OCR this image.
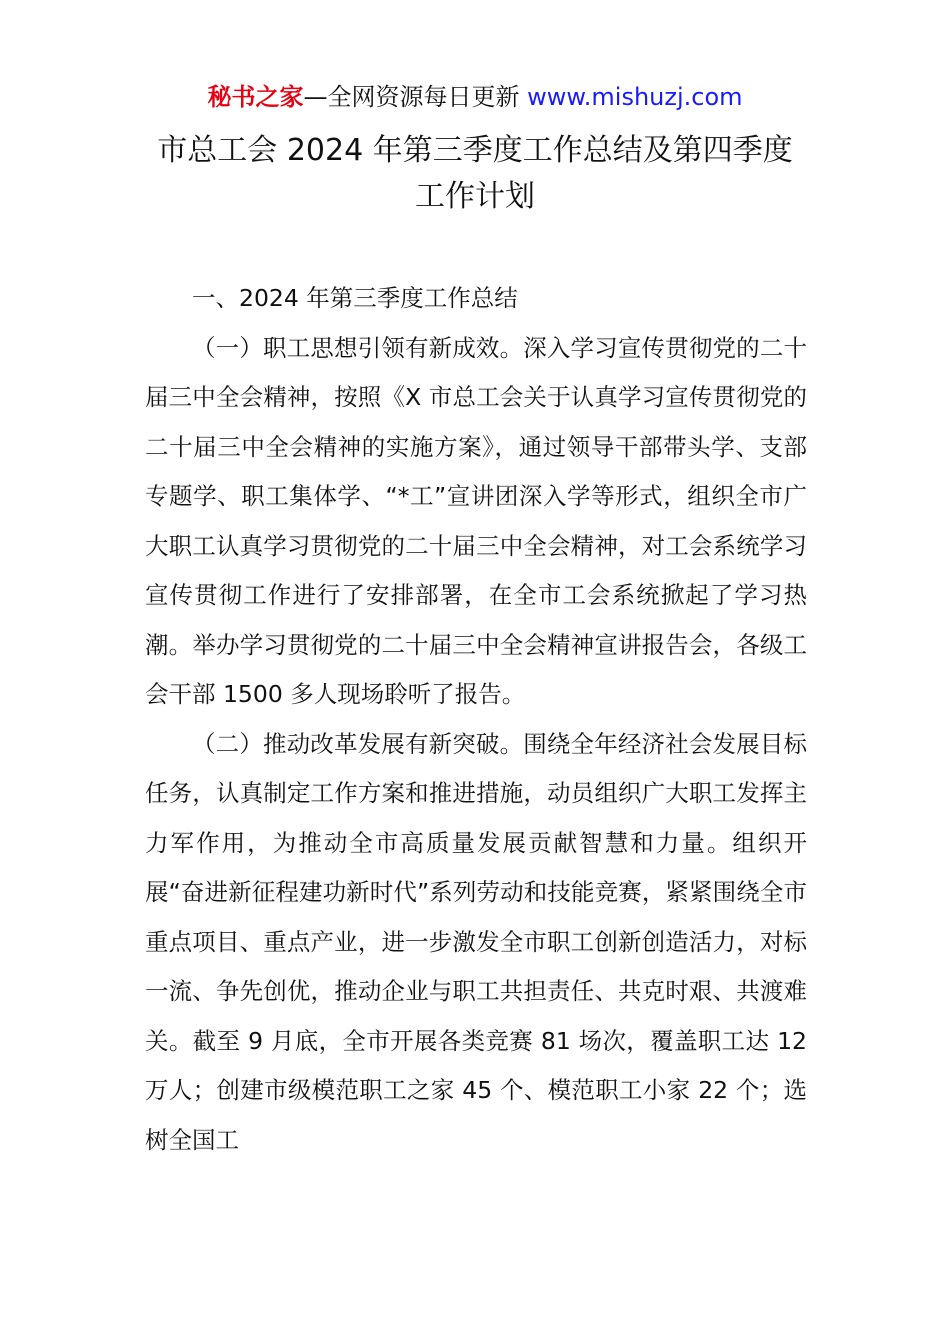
秘书之家—全网资源每日更新 www.mishuzj.com
市总工会 2024 年第三季度工作总结及第四季度
工作计划

一、2024 年第三季度工作总结

（一）职工思想引领有新成效。深入学习宣传贯彻党的二十届三中全会精神，按照《X 市总工会关于认真学习宣传贯彻党的二十届三中全会精神的实施方案》，通过领导干部带头学、支部专题学、职工集体学、“*工”宣讲团深入学等形式，组织全市广大职工认真学习贯彻党的二十届三中全会精神，对工会系统学习宣传贯彻工作进行了安排部署，在全市工会系统掀起了学习热潮。举办学习贯彻党的二十届三中全会精神宣讲报告会，各级工会干部 1500 多人现场聆听了报告。

（二）推动改革发展有新突破。围绕全年经济社会发展目标任务，认真制定工作方案和推进措施，动员组织广大职工发挥主力军作用，为推动全市高质量发展贡献智慧和力量。组织开展“奋进新征程建功新时代”系列劳动和技能竞赛，紧紧围绕全市重点项目、重点产业，进一步激发全市职工创新创造活力，对标一流、争先创优，推动企业与职工共担责任、共克时艰、共渡难关。截至 9 月底，全市开展各类竞赛 81 场次，覆盖职工达 12 万人；创建市级模范职工之家 45 个、模范职工小家 22 个；选树全国工
